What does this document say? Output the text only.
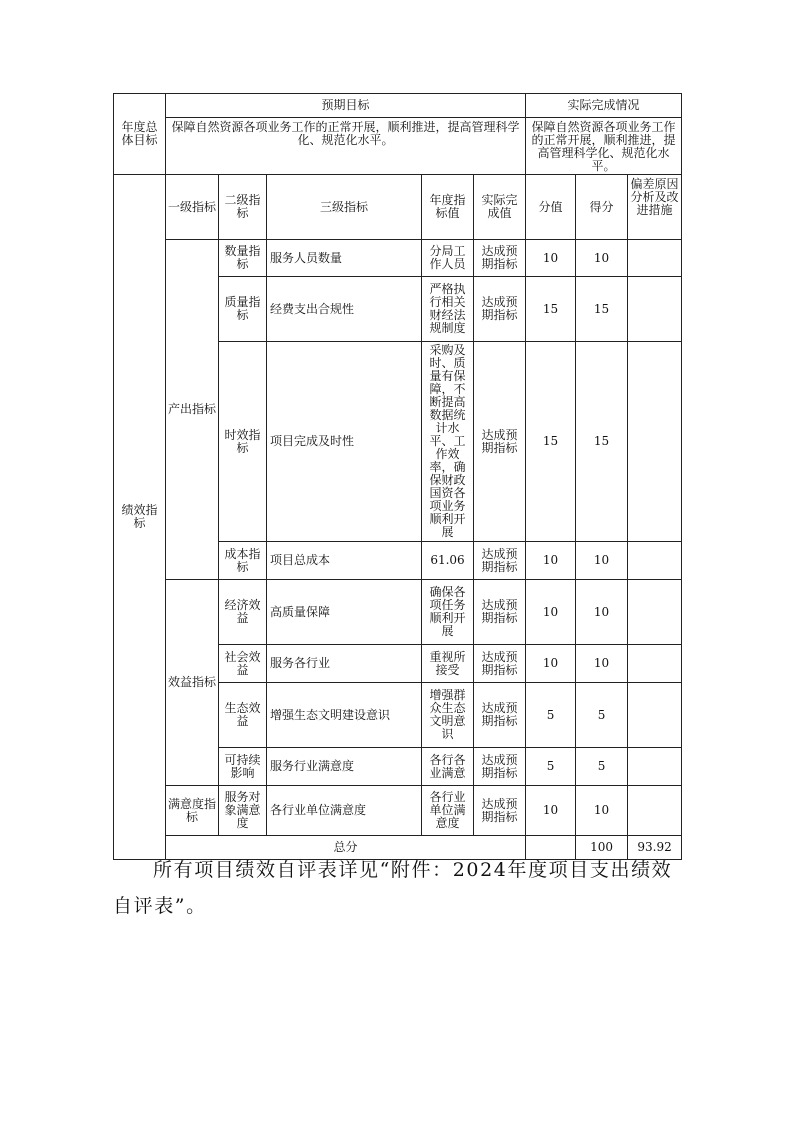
年度总体目标	预期目标					实际完成情况			
	保障自然资源各项业务工作的正常开展，顺利推进，提高管理科学化、规范化水平。					保障自然资源各项业务工作的正常开展，顺利推进，提高管理科学化、规范化水平。			
绩效指标	一级指标	二级指标	三级指标	年度指标值	实际完成值	分值	得分	偏差原因分析及改进措施	
	产出指标	数量指标	服务人员数量	分局工作人员	达成预期指标	10	10		
		质量指标	经费支出合规性	严格执行相关财经法规制度	达成预期指标	15	15		
		时效指标	项目完成及时性	采购及时、质量有保障，不断提高数据统计水平、工作效率，确保财政国资各项业务顺利开展	达成预期指标	15	15		
		成本指标	项目总成本	61.06	达成预期指标	10	10		
	效益指标	经济效益	高质量保障	确保各项任务顺利开展	达成预期指标	10	10		
		社会效益	服务各行业	重视所接受	达成预期指标	10	10		
		生态效益	增强生态文明建设意识	增强群众生态文明意识	达成预期指标	5	5		
		可持续影响	服务行业满意度	各行各业满意	达成预期指标	5	5		
	满意度指标	服务对象满意度	各行业单位满意度	各行业单位满意度	达成预期指标	10	10		
	总分						100	93.92	

所有项目绩效自评表详见“附件：2024年度项目支出绩效自评表”。
